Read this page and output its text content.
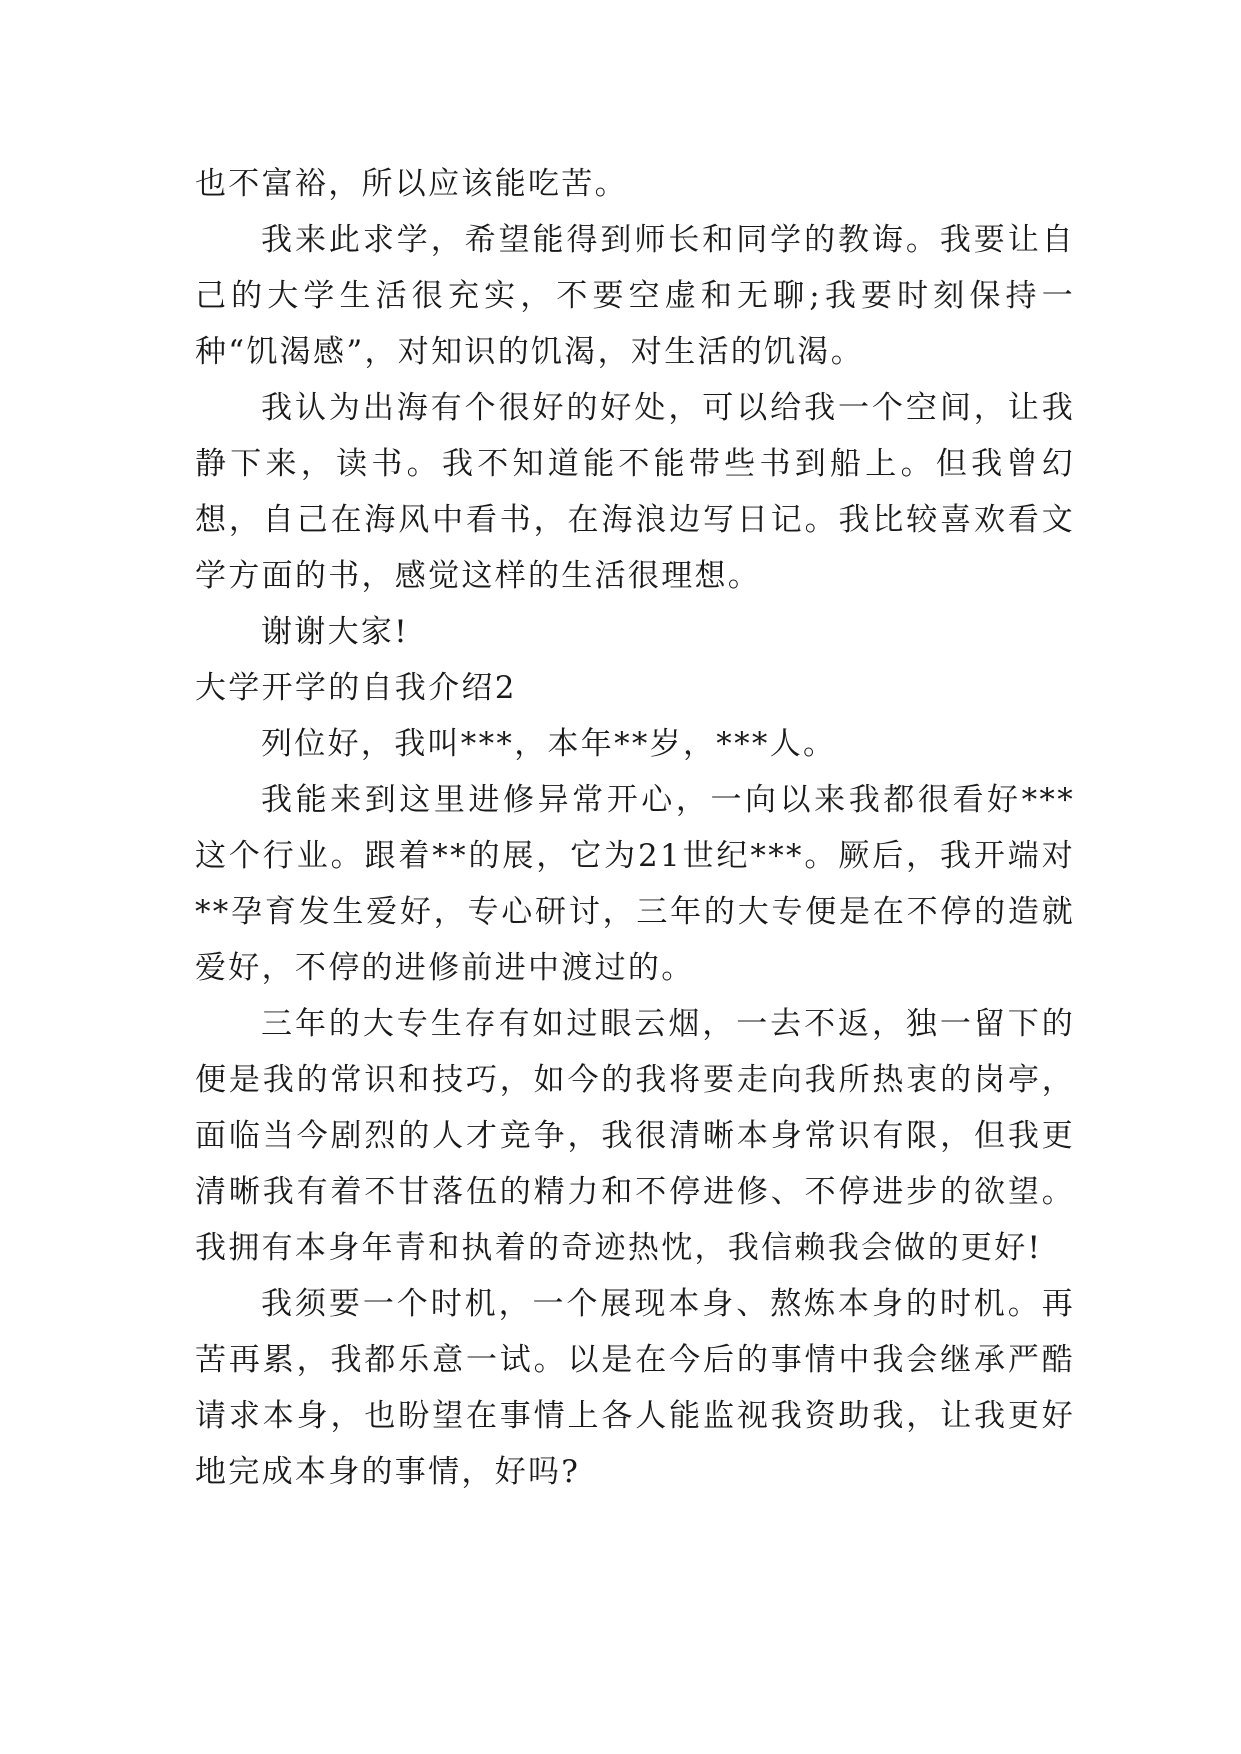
也不富裕，所以应该能吃苦。

我来此求学，希望能得到师长和同学的教诲。我要让自己的大学生活很充实，不要空虚和无聊;我要时刻保持一种“饥渴感”，对知识的饥渴，对生活的饥渴。

我认为出海有个很好的好处，可以给我一个空间，让我静下来，读书。我不知道能不能带些书到船上。但我曾幻想，自己在海风中看书，在海浪边写日记。我比较喜欢看文学方面的书，感觉这样的生活很理想。

谢谢大家!

大学开学的自我介绍2

列位好，我叫***，本年**岁，***人。

我能来到这里进修异常开心，一向以来我都很看好***这个行业。跟着**的展，它为21世纪***。厥后，我开端对**孕育发生爱好，专心研讨，三年的大专便是在不停的造就爱好，不停的进修前进中渡过的。

三年的大专生存有如过眼云烟，一去不返，独一留下的便是我的常识和技巧，如今的我将要走向我所热衷的岗亭，面临当今剧烈的人才竞争，我很清晰本身常识有限，但我更清晰我有着不甘落伍的精力和不停进修、不停进步的欲望。我拥有本身年青和执着的奇迹热忱，我信赖我会做的更好!

我须要一个时机，一个展现本身、熬炼本身的时机。再苦再累，我都乐意一试。以是在今后的事情中我会继承严酷请求本身，也盼望在事情上各人能监视我资助我，让我更好地完成本身的事情，好吗?
